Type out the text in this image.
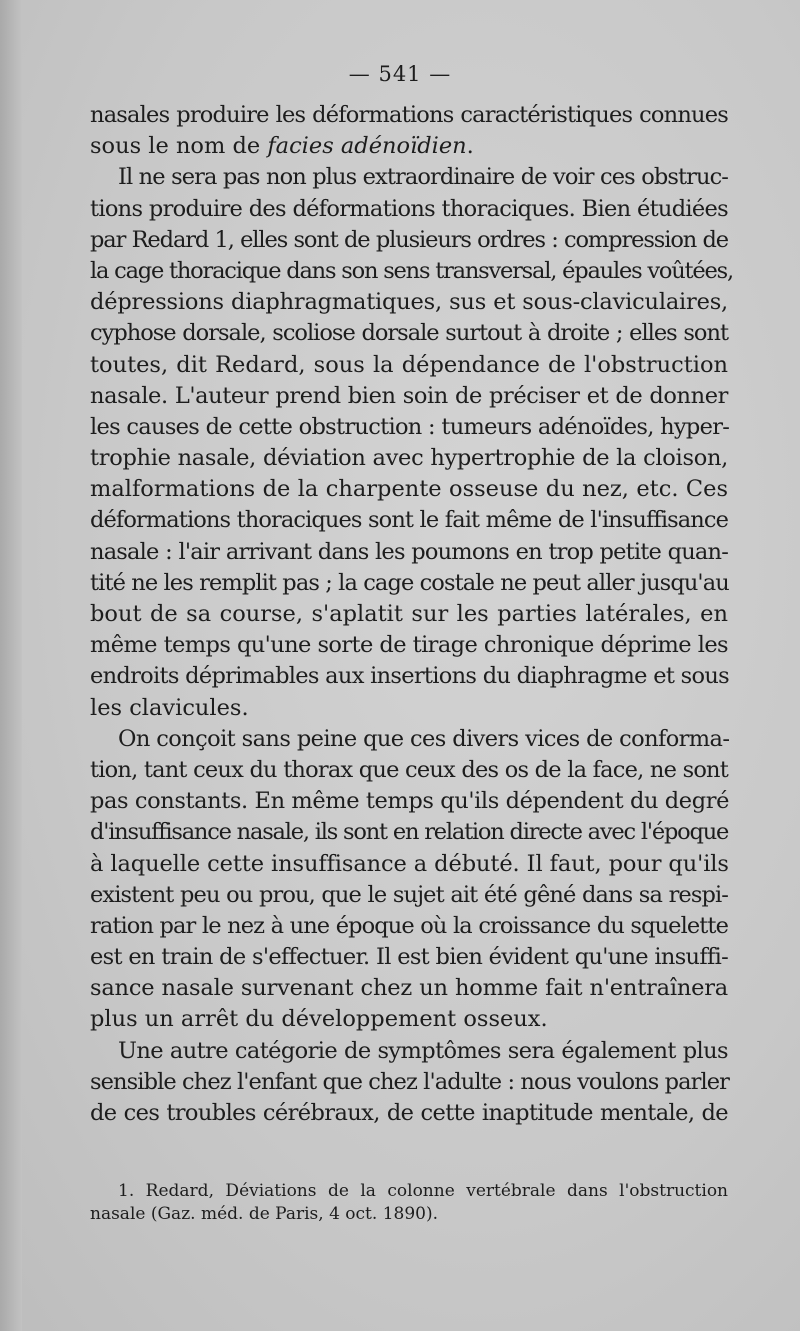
— 541 —
nasales produire les déformations caractéristiques connues
sous le nom de facies adénoïdien.
Il ne sera pas non plus extraordinaire de voir ces obstruc-
tions produire des déformations thoraciques. Bien étudiées
par Redard 1, elles sont de plusieurs ordres : compression de
la cage thoracique dans son sens transversal, épaules voûtées,
dépressions diaphragmatiques, sus et sous-claviculaires,
cyphose dorsale, scoliose dorsale surtout à droite ; elles sont
toutes, dit Redard, sous la dépendance de l'obstruction
nasale. L'auteur prend bien soin de préciser et de donner
les causes de cette obstruction : tumeurs adénoïdes, hyper-
trophie nasale, déviation avec hypertrophie de la cloison,
malformations de la charpente osseuse du nez, etc. Ces
déformations thoraciques sont le fait même de l'insuffisance
nasale : l'air arrivant dans les poumons en trop petite quan-
tité ne les remplit pas ; la cage costale ne peut aller jusqu'au
bout de sa course, s'aplatit sur les parties latérales, en
même temps qu'une sorte de tirage chronique déprime les
endroits déprimables aux insertions du diaphragme et sous
les clavicules.
On conçoit sans peine que ces divers vices de conforma-
tion, tant ceux du thorax que ceux des os de la face, ne sont
pas constants. En même temps qu'ils dépendent du degré
d'insuffisance nasale, ils sont en relation directe avec l'époque
à laquelle cette insuffisance a débuté. Il faut, pour qu'ils
existent peu ou prou, que le sujet ait été gêné dans sa respi-
ration par le nez à une époque où la croissance du squelette
est en train de s'effectuer. Il est bien évident qu'une insuffi-
sance nasale survenant chez un homme fait n'entraînera
plus un arrêt du développement osseux.
Une autre catégorie de symptômes sera également plus
sensible chez l'enfant que chez l'adulte : nous voulons parler
de ces troubles cérébraux, de cette inaptitude mentale, de
1. Redard, Déviations de la colonne vertébrale dans l'obstruction
nasale (Gaz. méd. de Paris, 4 oct. 1890).
